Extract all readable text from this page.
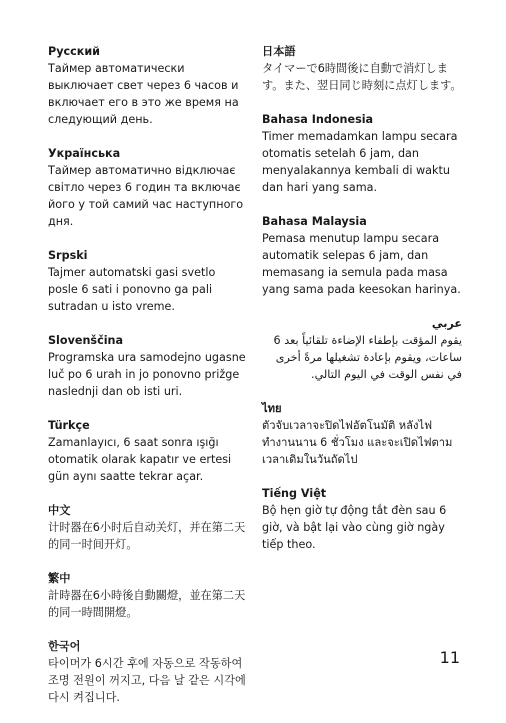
Русский
Таймер автоматически выключает свет через 6 часов и включает его в это же время на следующий день.
Українська
Таймер автоматично відключає світло через 6 годин та включає його у той самий час наступного дня.
Srpski
Tajmer automatski gasi svetlo posle 6 sati i ponovno ga pali sutradan u isto vreme.
Slovenščina
Programska ura samodejno ugasne luč po 6 urah in jo ponovno prižge naslednji dan ob isti uri.
Türkçe
Zamanlayıcı, 6 saat sonra ışığı otomatik olarak kapatır ve ertesi gün aynı saatte tekrar açar.
中文
计时器在6小时后自动关灯，并在第二天的同一时间开灯。
繁中
計時器在6小時後自動關燈，並在第二天的同一時間開燈。
한국어
타이머가 6시간 후에 자동으로 작동하여 조명 전원이 꺼지고, 다음 날 같은 시각에 다시 켜집니다.
日本語
タイマーで6時間後に自動で消灯します。また、翌日同じ時刻に点灯します。
Bahasa Indonesia
Timer memadamkan lampu secara otomatis setelah 6 jam, dan menyalakannya kembali di waktu dan hari yang sama.
Bahasa Malaysia
Pemasa menutup lampu secara automatik selepas 6 jam, dan memasang ia semula pada masa yang sama pada keesokan harinya.
عربي
يقوم المؤقت بإطفاء الإضاءة تلقائياً بعد 6 ساعات، ويقوم بإعادة تشغيلها مرةً أخرى في نفس الوقت في اليوم التالي.
ไทย
ตัวจับเวลาจะปิดไฟอัตโนมัติ หลังไฟทำงานนาน 6 ชั่วโมง และจะเปิดไฟตามเวลาเดิมในวันถัดไป
Tiếng Việt
Bộ hẹn giờ tự động tắt đèn sau 6 giờ, và bật lại vào cùng giờ ngày tiếp theo.
11
